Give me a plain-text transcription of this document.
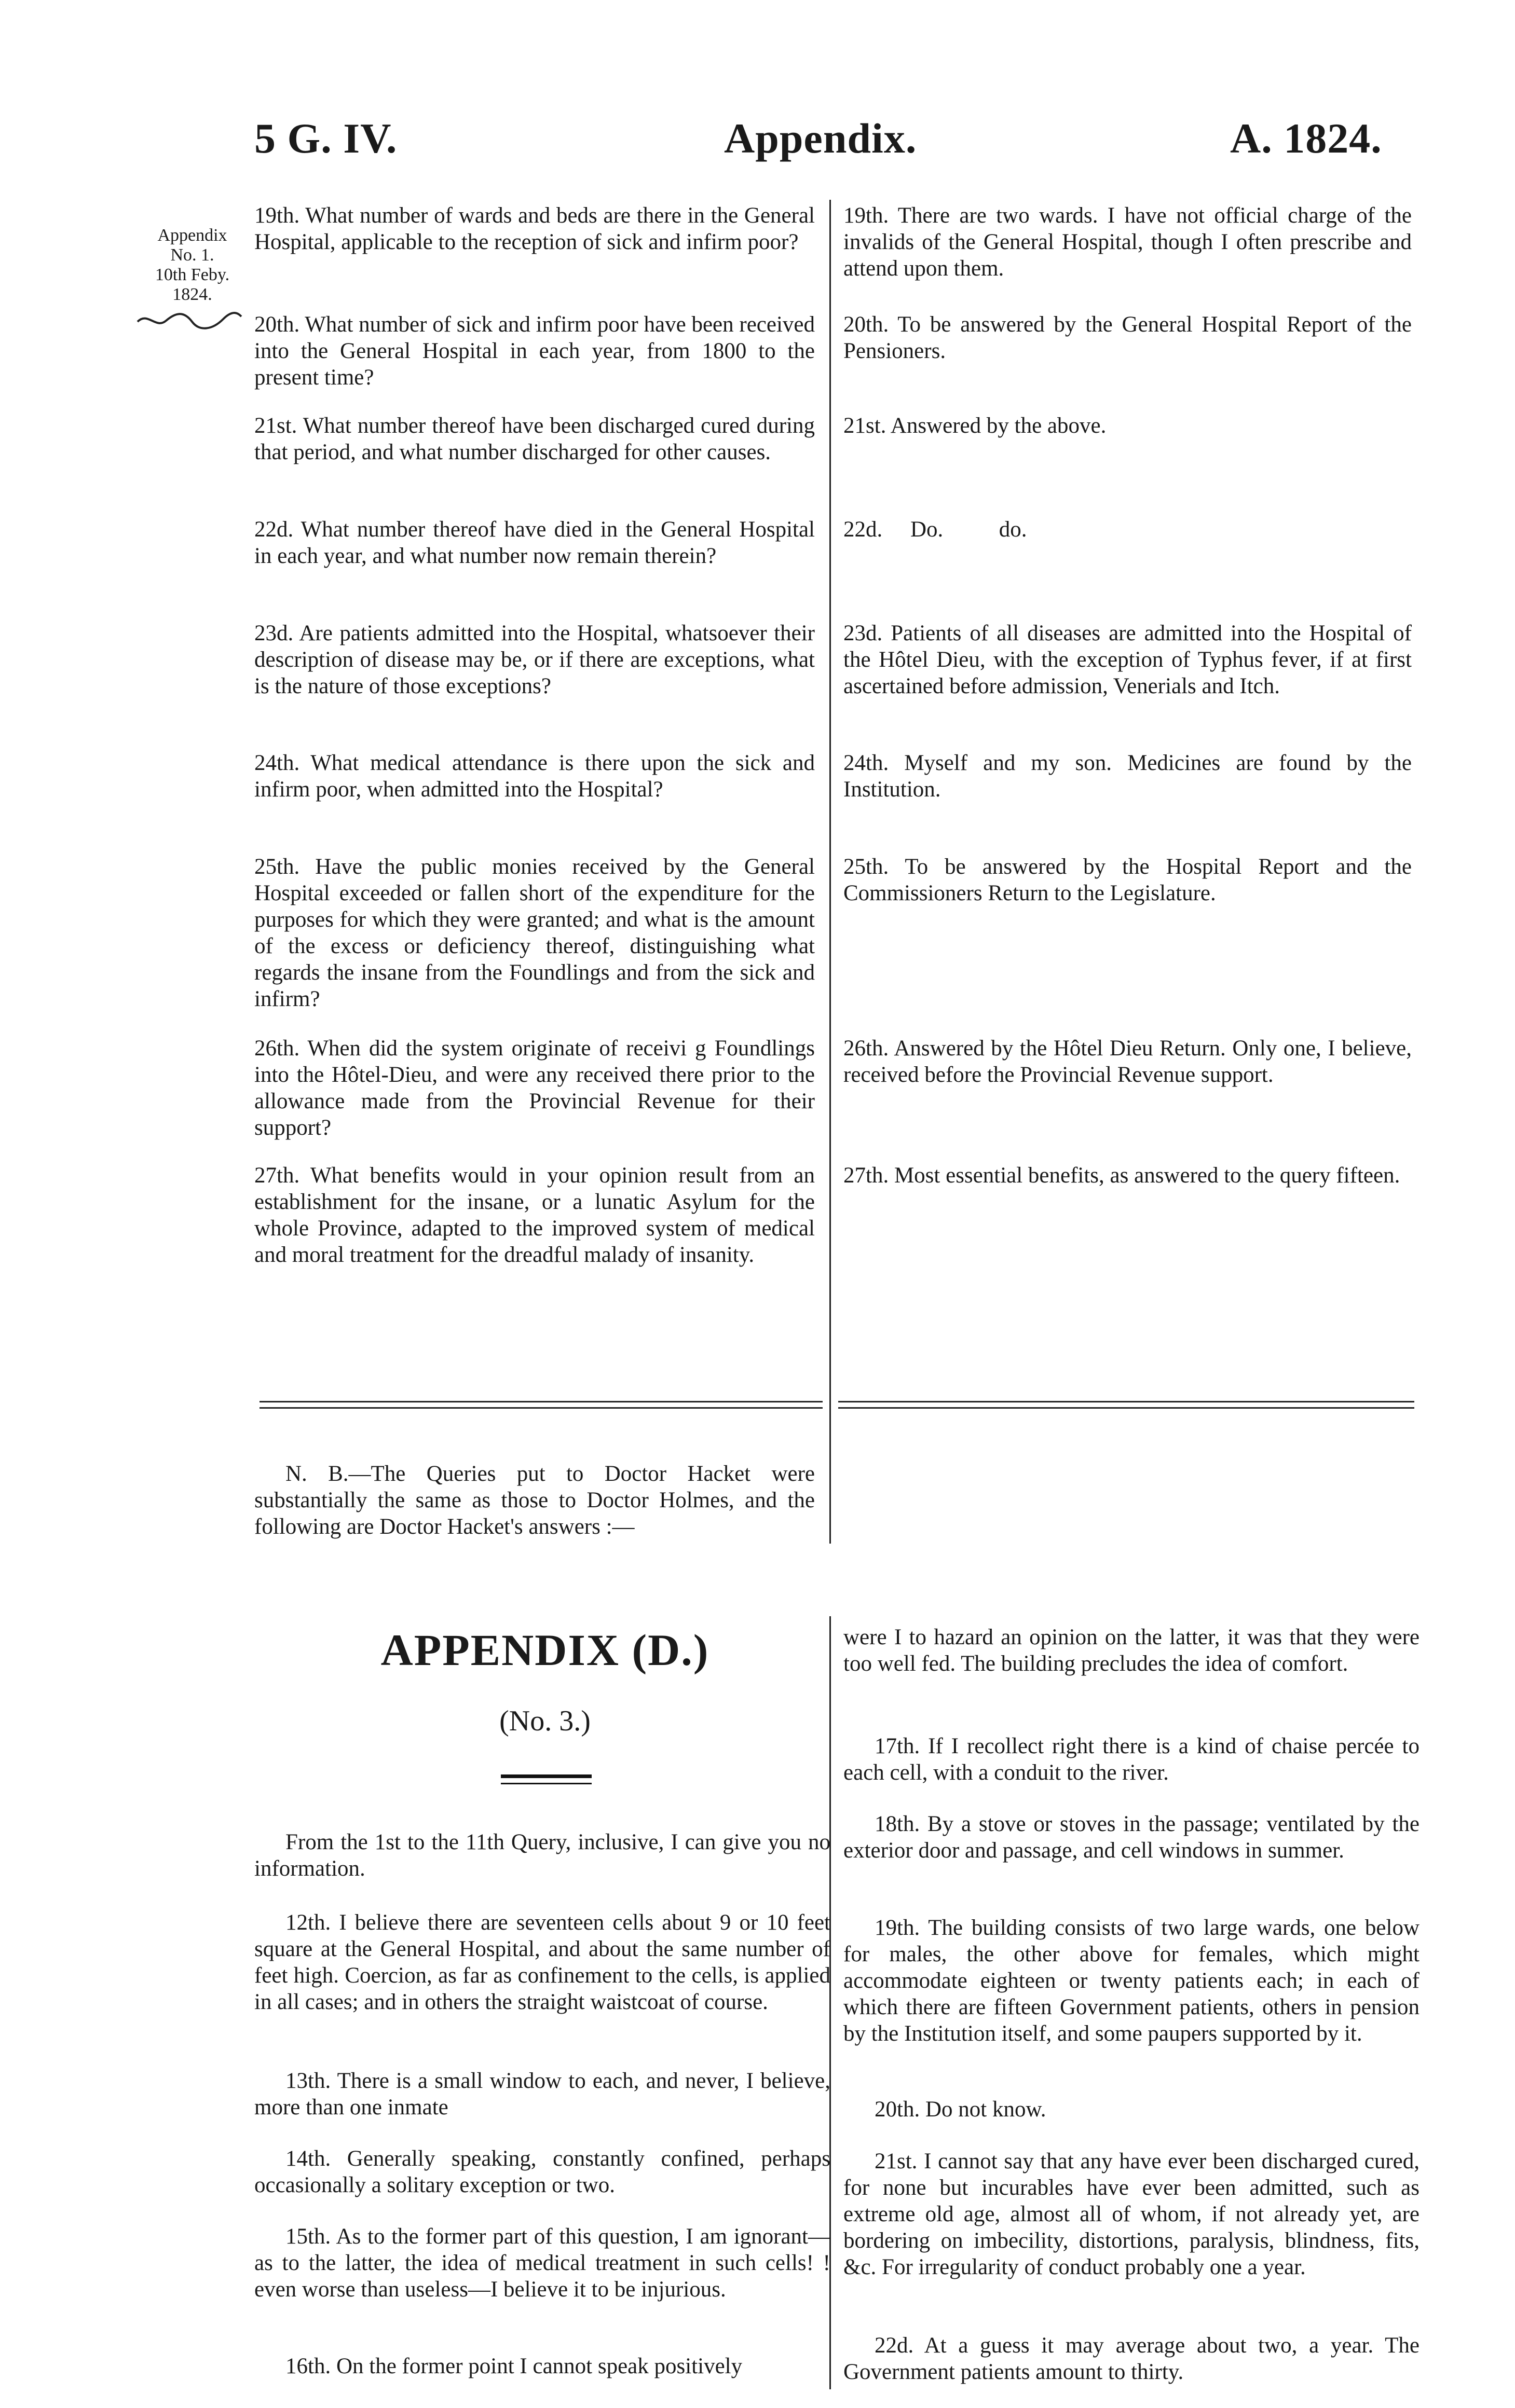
5 G. IV.	Appendix.	A. 1824.
Appendix
No. 1.
10th Feby.
1824.
19th. What number of wards and beds are there in the General Hospital, applicable to the reception of sick and infirm poor?
19th. There are two wards. I have not official charge of the invalids of the General Hospital, though I often prescribe and attend upon them.
20th. What number of sick and infirm poor have been received into the General Hospital in each year, from 1800 to the present time?
20th. To be answered by the General Hospital Report of the Pensioners.
21st. What number thereof have been discharged cured during that period, and what number discharged for other causes.
21st. Answered by the above.
22d. What number thereof have died in the General Hospital in each year, and what number now remain therein?
22d.     Do.          do.
23d. Are patients admitted into the Hospital, whatsoever their description of disease may be, or if there are exceptions, what is the nature of those exceptions?
23d. Patients of all diseases are admitted into the Hospital of the Hôtel Dieu, with the exception of Typhus fever, if at first ascertained before admission, Venerials and Itch.
24th. What medical attendance is there upon the sick and infirm poor, when admitted into the Hospital?
24th. Myself and my son. Medicines are found by the Institution.
25th. Have the public monies received by the General Hospital exceeded or fallen short of the expenditure for the purposes for which they were granted; and what is the amount of the excess or deficiency thereof, distinguishing what regards the insane from the Foundlings and from the sick and infirm?
25th. To be answered by the Hospital Report and the Commissioners Return to the Legislature.
26th. When did the system originate of receivi g Foundlings into the Hôtel-Dieu, and were any received there prior to the allowance made from the Provincial Revenue for their support?
26th. Answered by the Hôtel Dieu Return. Only one, I believe, received before the Provincial Revenue support.
27th. What benefits would in your opinion result from an establishment for the insane, or a lunatic Asylum for the whole Province, adapted to the improved system of medical and moral treatment for the dreadful malady of insanity.
27th. Most essential benefits, as answered to the query fifteen.

N. B.—The Queries put to Doctor Hacket were substantially the same as those to Doctor Holmes, and the following are Doctor Hacket's answers :—

APPENDIX (D.)
(No. 3.)

From the 1st to the 11th Query, inclusive, I can give you no information.

12th. I believe there are seventeen cells about 9 or 10 feet square at the General Hospital, and about the same number of feet high. Coercion, as far as confinement to the cells, is applied in all cases; and in others the straight waistcoat of course.

13th. There is a small window to each, and never, I believe, more than one inmate

14th. Generally speaking, constantly confined, perhaps occasionally a solitary exception or two.

15th. As to the former part of this question, I am ignorant—as to the latter, the idea of medical treatment in such cells! ! even worse than useless—I believe it to be injurious.

16th. On the former point I cannot speak positively

were I to hazard an opinion on the latter, it was that they were too well fed. The building precludes the idea of comfort.

17th. If I recollect right there is a kind of chaise percée to each cell, with a conduit to the river.

18th. By a stove or stoves in the passage; ventilated by the exterior door and passage, and cell windows in summer.

19th. The building consists of two large wards, one below for males, the other above for females, which might accommodate eighteen or twenty patients each; in each of which there are fifteen Government patients, others in pension by the Institution itself, and some paupers supported by it.

20th. Do not know.

21st. I cannot say that any have ever been discharged cured, for none but incurables have ever been admitted, such as extreme old age, almost all of whom, if not already yet, are bordering on imbecility, distortions, paralysis, blindness, fits, &c. For irregularity of conduct probably one a year.

22d. At a guess it may average about two, a year. The Government patients amount to thirty.
